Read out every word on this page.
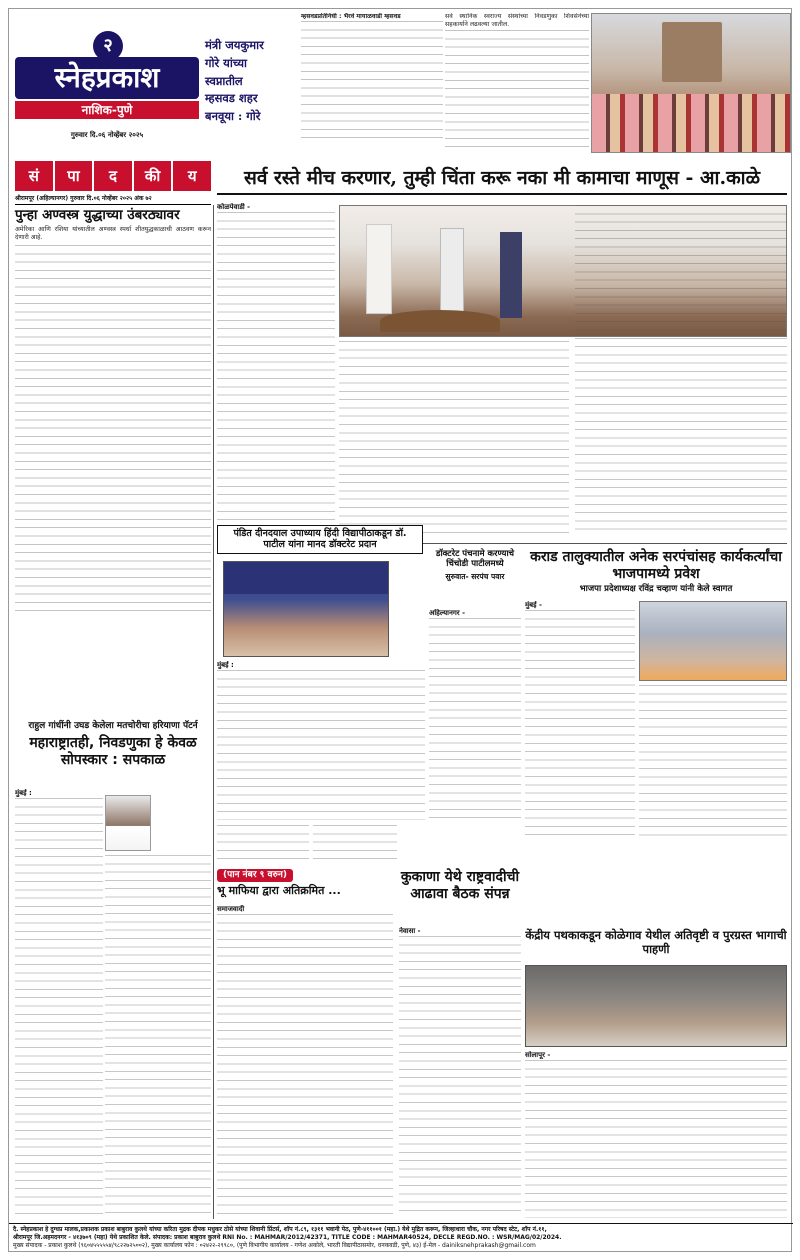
२
स्नेहप्रकाश
नाशिक-पुणे
गुरुवार दि.०६ नोव्हेंबर २०२५
मंत्री जयकुमार
गोरे यांच्या
स्वप्नातील
म्हसवड शहर
बनवूया : गोरे
म्हसवडप्रतिनिधी : भैरवे मायाळवाडी म्हसवड	सर्व स्थानिक स्वराज्य संस्थांच्या निवडणुका शिवसेनेच्या सहकार्याने लढवल्या जातील.
सं	पा	द	की	य
श्रीरामपूर (अहिल्यानगर) गुरुवार दि.०६ नोव्हेंबर २०२५ अंक ७२
पुन्हा अण्वस्त्र युद्धाच्या उंबरठ्यावर
अमेरिका आणि रशिया यांच्यातील अण्वस्त्र स्पर्धा शीतयुद्धकाळाची आठवण करून देणारी आहे.
सर्व रस्ते मीच करणार, तुम्ही चिंता करू नका मी कामाचा माणूस - आ.काळे
कोळपेवाडी -
पंडित दीनदयाल उपाध्याय हिंदी विद्यापीठाकडून डॉ. पाटील यांना मानद डॉक्टरेट प्रदान
मुंबई :
डॉक्टरेट पंचनामे करण्याचे चिंचोडी पाटीलमध्ये
सुरुवात- सरपंच पवार
अहिल्यानगर -
कराड तालुक्यातील अनेक सरपंचांसह कार्यकर्त्यांचा भाजपामध्ये प्रवेश
भाजपा प्रदेशाध्यक्ष रविंद्र चव्हाण यांनी केले स्वागत
मुंबई -
राहुल गांधींनी उघड केलेला मतचोरीचा हरियाणा पॅटर्न
महाराष्ट्रातही, निवडणुका हे केवळ सोपस्कार : सपकाळ
मुंबई :
(पान नंबर ९ वरुन)
भू माफिया द्वारा अतिक्रमित ...
समाजवादी
कुकाणा येथे राष्ट्रवादीची आढावा बैठक संपन्न
नेवासा -	केंद्रीय पथकाकडून कोळेगाव येथील अतिवृष्टी व पुरग्रस्त भागाची पाहणी
सोलापूर -
दै. स्नेहप्रकाश हे दुग्धप्र मालक,प्रकाशक प्रकाश बाबुराव कुलथे यांच्या करिता मुद्रक दीपक मधुकर ठोसे यांच्या शिवानी प्रिंटर्स, शॉप नं.८९, १३११ भवानी पेठ, पुणे-४११००१ (महा.) येथे मुद्रित करून, जिल्हाधारा चौक, नगर परिषद स्टेट, शॉप नं.११,
श्रीरामपूर जि.अहमदनगर - ४१३७०९ (महा) येथे प्रकाशित केले. संपादक: प्रकाश बाबुराव कुलथे RNI No. : MAHMAR/2012/42371, TITLE CODE : MAHMAR40524, DECLE REGD.NO. : WSR/MAG/02/2024.
मुख्य संपादक - प्रकाश कुलथे (९६०४५५५५५४/९८२२७२५००२), मुख्य कार्यालय फोन : ०२४२२-२९९८०, (पुणे विभागीय कार्यालय - गणेश अकोले, भारती विद्यापीठासमोर, धनकवडी, पुणे, ४३) ई-मेल - dainiksnehprakash@gmail.com
